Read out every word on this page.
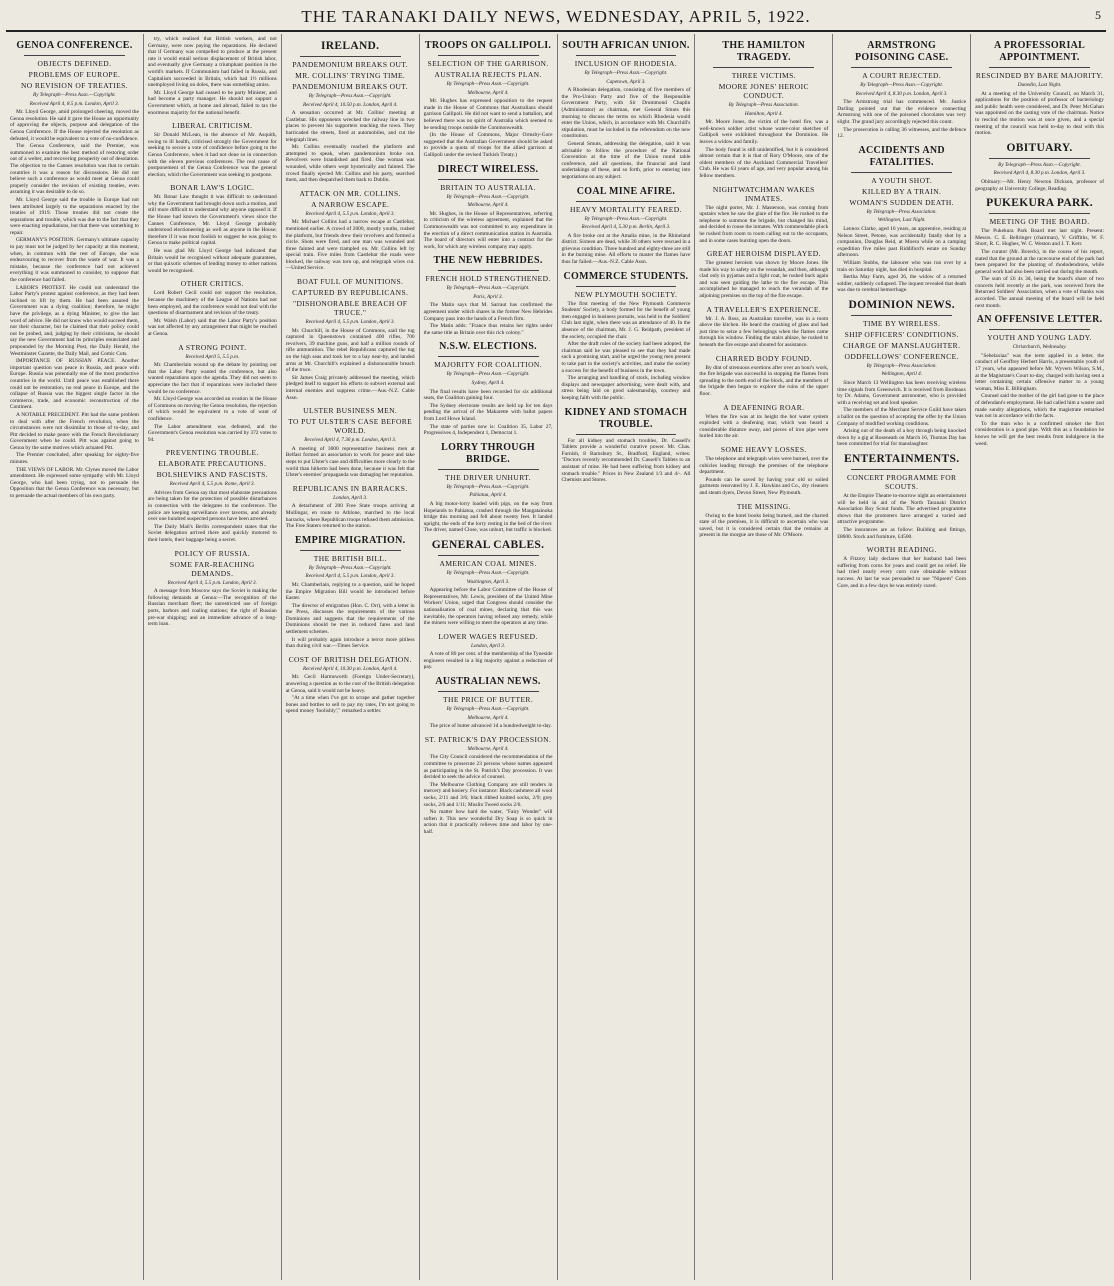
THE TARANAKI DAILY NEWS, WEDNESDAY, APRIL 5, 1922.	5
GENOA CONFERENCE.
OBJECTS DEFINED.
PROBLEMS OF EUROPE.
NO REVISION OF TREATIES.
By Telegraph—Press Assn.—Copyright.
Received April 4, 8.5 p.m. London, April 3.

Mr. Lloyd George, amid prolonged cheering, moved the Genoa resolution. He said it gave the House an opportunity of approving the objects, purpose and delegation of the Genoa Conference. If the House rejected the resolution as defeated, it would be equivalent to a vote of no-confidence.

The Genoa Conference, said the Premier, was summoned to examine the best method of restoring order out of a welter, and recovering prosperity out of desolation. The objection to the Cannes resolution was that to certain countries it was a reason for discussions. He did not believe such a conference as would meet at Genoa could properly consider the revision of existing treaties, even assuming it was desirable to do so.

Mr. Lloyd George said the trouble in Europe had not been attributed largely to the separations enacted by the treaties of 1919. Those treaties did not create the separations and trouble, which was due to the fact that they were enacting repudiations, but that there was something to repair.

GERMANY'S POSITION. Germany's ultimate capacity to pay must not be judged by her capacity at this moment, when, in common with the rest of Europe, she was endeavouring to recover from the waste of war. It was a mistake, because the conference had not achieved everything it was summoned to consider, to suppose that the conference had failed.

LABOR'S PROTEST. He could not understand the Labor Party's protest against conference, as they had been inclined to lift by them. He had been assured the Government was a dying coalition; therefore, he might have the privilege, as a dying Minister, to give the last word of advice. He did not know who would succeed them, nor their character, but he claimed that their policy could not be probed, and, judging by their criticisms, he should say the new Government had its principles enunciated and propounded by the Morning Post, the Daily Herald, the Westminster Gazette, the Daily Mail, and Comic Cuts.

IMPORTANCE OF RUSSIAN PEACE. Another important question was peace in Russia, and peace with Europe. Russia was potentially one of the most productive countries in the world. Until peace was established there could not be restoration, no real peace in Europe, and the collapse of Russia was the biggest single factor in the commerce, trade, and economic reconstruction of the Continent.

A NOTABLE PRECEDENT. Pitt had the same problem to deal with after the French revolution, when the circumstances were not dissimilar to those of to-day, and Pitt decided to make peace with the French Revolutionary Government when he could. Pitt was against going to Genoa by the same motives which actuated Pitt.

The Premier concluded, after speaking for eighty-five minutes.

THE VIEWS OF LABOR. Mr. Clynes moved the Labor amendment. He expressed some sympathy with Mr. Lloyd George, who had been trying, not to persuade the Opposition that the Genoa Conference was necessary, but to persuade the actual members of his own party.

try, which realised that British workers, and not Germany, were now paying the reparations. He declared that if Germany was compelled to produce at the present rate it would entail serious displacement of British labor, and eventually give Germany a triumphant position in the world's markets. If Communism had failed in Russia, and Capitalism succeeded in Britain, which had 1½ millions unemployed living on doles, there was something amiss.

Mr. Lloyd George had ceased to be party Minister, and had become a party manager. He should not support a Government which, at home and abroad, failed to tax the enormous majority for the national benefit.

LIBERAL CRITICISM.

Sir Donald McLean, in the absence of Mr. Asquith, owing to ill health, criticised strongly the Government for seeking to secure a vote of confidence before going to the Genoa Conference, when it had not done so in connection with the eleven previous conferences. The real cause of postponement of the Genoa Conference was the general election, which the Government was seeking to postpone.

BONAR LAW'S LOGIC.

Mr. Bonar Law thought it was difficult to understand why the Government had brought down such a motion, and still more difficult to understand why anyone opposed it. If the House had known the Government's views since the Cannes Conference, Mr. Lloyd George probably understood electioneering as well as anyone in the House; therefore if it was most foolish to suggest he was going to Genoa to make political capital.

He was glad Mr. Lloyd George had indicated that Britain would be recognised without adequate guarantees, or that quixotic schemes of lending money to other nations would be recognised.

OTHER CRITICS.

Lord Robert Cecil could not support the resolution, because the machinery of the League of Nations had not been employed, and the conference would not deal with the questions of disarmament and revision of the treaty.

Mr. Walsh (Labor) said that the Labor Party's position was not affected by any arrangement that might be reached at Genoa.

A STRONG POINT.
Received April 5, 5.5 p.m.

Mr. Chamberlain wound up the debate by pointing out that the Labor Party wanted the conference, but also wanted reparations upon the agenda. They did not seem to appreciate the fact that if reparations were included there would be no conference.

Mr. Lloyd George was accorded an ovation in the House of Commons on moving the Genoa resolution, the rejection of which would be equivalent to a vote of want of confidence.

The Labor amendment was defeated, and the Government's Genoa resolution was carried by 372 votes to 94.

PREVENTING TROUBLE.
ELABORATE PRECAUTIONS.
BOLSHEVIKS AND FASCISTS.
Received April 4, 5.5 p.m. Rome, April 3.

Advices from Genoa say that most elaborate precautions are being taken for the protection of possible disturbances in connection with the delegates to the conference. The police are keeping surveillance over taverns, and already over one hundred suspected persons have been arrested.

The Daily Mail's Berlin correspondent states that the Soviet delegation arrived there and quickly motored to their hotels, their baggage being a secret.

POLICY OF RUSSIA.
SOME FAR-REACHING DEMANDS.
Received April 4, 5.5 p.m. London, April 3.

A message from Moscow says the Soviet is making the following demands at Genoa:—The recognition of the Russian merchant fleet; the unrestricted use of foreign ports, harbors and coaling stations; the right of Russian pre-war shipping; and an immediate advance of a long-term loan.

IRELAND.
PANDEMONIUM BREAKS OUT.
MR. COLLINS' TRYING TIME.
PANDEMONIUM BREAKS OUT.
By Telegraph—Press Assn.—Copyright.
Received April 4, 10.50 p.m. London, April 4.

A sensation occurred at Mr. Collins' meeting at Castlebar. His opponents wrecked the railway line in two places to prevent his supporters reaching the town. They barricaded the streets, fired at automobiles, and cut the telegraph lines.

Mr. Collins eventually reached the platform and attempted to speak, when pandemonium broke out. Revolvers were brandished and fired. One woman was wounded, while others wept hysterically and fainted. The crowd finally ejected Mr. Collins and his party, searched them, and then despatched them back to Dublin.

ATTACK ON MR. COLLINS.
A NARROW ESCAPE.
Received April 4, 5.5 p.m. London, April 3.

Mr. Michael Collins had a narrow escape at Castlebar, mentioned earlier. A crowd of 2000, mostly youths, rushed the platform, but friends drew their revolvers and formed a circle. Shots were fired, and one man was wounded and three fainted and were trampled on. Mr. Collins left by special train. Five miles from Castlebar the roads were blocked, the railway was torn up, and telegraph wires cut.—United Service.

BOAT FULL OF MUNITIONS.
CAPTURED BY REPUBLICANS.
"DISHONORABLE BREACH OF TRUCE."
Received April 4, 5.5 p.m. London, April 3.

Mr. Churchill, in the House of Commons, said the tug captured in Queenstown contained 400 rifles, 700 revolvers, 39 machine guns, and half a million rounds of rifle ammunition. The rebel Republicans captured the tug on the high seas and took her to a bay near-by, and landed arms at Mr. Churchill's explained a dishonourable breach of the truce.

Sir James Craig privately addressed the meeting, which pledged itself to support his efforts to subvert external and internal enemies and suppress crime.—Aus.-N.Z. Cable Assn.

ULSTER BUSINESS MEN.
TO PUT ULSTER'S CASE BEFORE WORLD.
Received April 4, 7.30 p.m. London, April 3.

A meeting of 3000 representative business men at Belfast formed an association to work for peace and take steps to put Ulster's case and difficulties more clearly to the world than hitherto had been done, because it was felt that Ulster's enemies' propaganda was damaging her reputation.

REPUBLICANS IN BARRACKS.
London, April 3.

A detachment of 200 Free State troops arriving at Mullingar, en route to Athlone, marched to the local barracks, where Republican troops refused them admission. The Free Staters returned to the station.

EMPIRE MIGRATION.
THE BRITISH BILL.
By Telegraph—Press Assn.—Copyright.
Received April 4, 5.5 p.m. London, April 3.

Mr. Chamberlain, replying to a question, said he hoped the Empire Migration Bill would be introduced before Easter.

The director of emigration (Hon. C. Orr), with a letter in the Press, discusses the requirements of the various Dominions and suggests that the requirements of the Dominions should be met in reduced fares and land settlement schemes.

It will probably again introduce a terror more pitiless than during civil war.—Times Service.

COST OF BRITISH DELEGATION.
Received April 4, 10.30 p.m. London, April 4.

Mr. Cecil Harmsworth (Foreign Under-Secretary), answering a question as to the cost of the British delegation at Genoa, said it would not be heavy.

"At a time when I've got to scrape and gather together bones and bottles to sell to pay my rates, I'm not going to spend money 'foolishly'," remarked a settler.

TROOPS ON GALLIPOLI.
SELECTION OF THE GARRISON.
AUSTRALIA REJECTS PLAN.
By Telegraph—Press Assn.—Copyright.
Melbourne, April 4.

Mr. Hughes has expressed opposition to the request made in the House of Commons that Australians should garrison Gallipoli. He did not want to send a battalion, and believed there was no spirit of Australia which seemed to be sending troops outside the Commonwealth.

(In the House of Commons, Major Ormsby-Gore suggested that the Australian Government should be asked to provide a quota of troops for the allied garrison at Gallipoli under the revised Turkish Treaty.)

DIRECT WIRELESS.
BRITAIN TO AUSTRALIA.
By Telegraph—Press Assn.—Copyright.
Melbourne, April 4.

Mr. Hughes, in the House of Representatives, referring to criticism of the wireless agreement, explained that the Commonwealth was not committed to any expenditure in the erection of a direct communication station in Australia. The board of directors will enter into a contract for the work, for which any wireless company may apply.

THE NEW HEBRIDES.
FRENCH HOLD STRENGTHENED.
By Telegraph—Press Assn.—Copyright.
Paris, April 3.

The Matin says that M. Sarraut has confirmed the agreement under which shares in the former New Hebrides Company pass into the hands of a French firm.

The Matin adds: "France thus retains her rights under the same title as Britain over this rich colony."

N.S.W. ELECTIONS.
MAJORITY FOR COALITION.
By Telegraph—Press Assn.—Copyright.
Sydney, April 4.

The final results have been recorded for six additional seats, the Coalition gaining four.

The Sydney electorate results are held up for ten days pending the arrival of the Makarette with ballot papers from Lord Howe Island.

The state of parties now is: Coalition 35, Labor 27, Progressives 4, Independent 1, Democrat 1.

LORRY THROUGH BRIDGE.
THE DRIVER UNHURT.
By Telegraph—Press Assn.—Copyright.
Pahiatua, April 4.

A big motor-lorry loaded with pigs, on the way from Hopelands to Pahiatua, crashed through the Mangatainoka bridge this morning and fell about twenty feet. It landed upright, the ends of the lorry resting in the bed of the river. The driver, named Close, was unhurt, but traffic is blocked.

GENERAL CABLES.
AMERICAN COAL MINES.
By Telegraph—Press Assn.—Copyright.
Washington, April 3.

Appearing before the Labor Committee of the House of Representatives, Mr. Lewis, president of the United Mine Workers' Union, urged that Congress should consider the nationalisation of coal mines, declaring that this was inevitable, the operators having refused any remedy, while the miners were willing to meet the operators at any time.

LOWER WAGES REFUSED.
London, April 3.

A vote of 80 per cent. of the membership of the Tyneside engineers resulted in a big majority against a reduction of pay.

AUSTRALIAN NEWS.
THE PRICE OF BUTTER.
By Telegraph—Press Assn.—Copyright.
Melbourne, April 4.

The price of butter advanced 1d a hundredweight to-day.

ST. PATRICK'S DAY PROCESSION.
Melbourne, April 4.

The City Council considered the recommendation of the committee to prosecute 23 persons whose names appeared as participating in the St. Patrick's Day procession. It was decided to seek the advice of counsel.

The Melbourne Clothing Company are still tenders in mercery and hosiery. For instance: Black cashmere all wool socks, 2/11 and 3/6; black ribbed knitted socks, 2/9; grey socks, 2/6 and 1/11; Muslin Tweed socks 2/6.

No matter how hard the water, "Fairy Wonder" will soften it. This new wonderful Dry Soap is so quick in action that it practically relieves time and labor by one-half.

SOUTH AFRICAN UNION.
INCLUSION OF RHODESIA.
By Telegraph—Press Assn.—Copyright.
Capetown, April 3.

A Rhodesian delegation, consisting of five members of the Pro-Union Party and five of the Responsible Government Party, with Sir Drummond Chaplin (Administrator) as chairman, met General Smuts this morning to discuss the terms on which Rhodesia would enter the Union, which, in accordance with Mr. Churchill's stipulation, must be included in the referendum on the new constitution.

General Smuts, addressing the delegation, said it was advisable to follow the procedure of the National Convention at the time of the Union round table conference, and all questions, the financial and land undertakings of these, and so forth, prior to entering into negotiations on any subject.

COAL MINE AFIRE.
HEAVY MORTALITY FEARED.
By Telegraph—Press Assn.—Copyright.
Received April 4, 5.30 p.m. Berlin, April 3.

A fire broke out at the Amalia mine, in the Rhineland district. Sixteen are dead, while 30 others were rescued in a grievous condition. Three hundred and eighty-three are still in the burning mine. All efforts to master the flames have thus far failed.—Aus.-N.Z. Cable Assn.

COMMERCE STUDENTS.
NEW PLYMOUTH SOCIETY.

The first meeting of the New Plymouth Commerce Students' Society, a body formed for the benefit of young men engaged in business pursuits, was held in the Soldiers' Club last night, when there was an attendance of 40. In the absence of the chairman, Mr. J. G. Reidpath, president of the society, occupied the chair.

After the draft rules of the society had been adopted, the chairman said he was pleased to see that they had made such a promising start, and he urged the young men present to take part in the society's activities, and make the society a success for the benefit of business in the town.

The arranging and handling of stock, including window displays and newspaper advertising, were dealt with, and stress being laid on good salesmanship, courtesy and keeping faith with the public.

KIDNEY AND STOMACH TROUBLE.

For all kidney and stomach troubles, Dr. Cassell's Tablets provide a wonderful curative power. Mr. Chas. Furnish, 8 Barnsbury St., Bradford, England, writes: "Doctors recently recommended Dr. Cassell's Tablets to an assistant of mine. He had been suffering from kidney and stomach trouble." Prices in New Zealand 1/3 and 4/-. All Chemists and Stores.

THE HAMILTON TRAGEDY.
THREE VICTIMS.
MOORE JONES' HEROIC CONDUCT.
By Telegraph—Press Association.
Hamilton, April 4.

Mr. Moore Jones, the victim of the hotel fire, was a well-known soldier artist whose water-color sketches of Gallipoli were exhibited throughout the Dominion. He leaves a widow and family.

The body found is still unidentified, but it is considered almost certain that it is that of Rory O'Moore, one of the oldest members of the Auckland Commercial Travellers' Club. He was 63 years of age, and very popular among his fellow members.

NIGHTWATCHMAN WAKES INMATES.

The night porter, Mr. J. Masterson, was coming from upstairs when he saw the glare of the fire. He rushed to the telephone to summon the brigade, but changed his mind, and decided to rouse the inmates. With commendable pluck he rushed from room to room calling out to the occupants, and in some cases bursting open the doors.

GREAT HEROISM DISPLAYED.

The greatest heroism was shown by Moore Jones. He made his way to safety on the verandah, and then, although clad only in pyjamas and a light coat, he rushed back again and was seen guiding the lathe to the fire escape. This accomplished he managed to reach the verandah of the adjoining premises on the top of the fire escape.

A TRAVELLER'S EXPERIENCE.

Mr. J. A. Ross, an Australian traveller, was in a room above the kitchen. He heard the crashing of glass and had just time to seize a few belongings when the flames came through his window. Finding the stairs ablaze, he rushed to beneath the fire escape and shouted for assistance.

CHARRED BODY FOUND.

By dint of strenuous exertions after over an hour's work, the fire brigade was successful in stopping the flames from spreading to the north end of the block, and the members of the brigade then began to explore the ruins of the upper floor.

A DEAFENING ROAR.

When the fire was at its height the hot water system exploded with a deafening roar, which was heard a considerable distance away, and pieces of iron pipe were hurled into the air.

SOME HEAVY LOSSES.

The telephone and telegraph wires were burned, over the cubicles leading through the premises of the telephone department.

Pounds can be saved by having your old or soiled garments renovated by J. E. Hawkins and Co., dry cleaners and steam dyers, Devon Street, New Plymouth.

THE MISSING.

Owing to the hotel books being burned, and the charred state of the premises, it is difficult to ascertain who was saved, but it is considered certain that the remains at present in the morgue are those of Mr. O'Moore.

ARMSTRONG POISONING CASE.
A COURT REJECTED.
By Telegraph—Press Assn.—Copyright.
Received April 4, 8.30 p.m. London, April 3.

The Armstrong trial has commenced. Mr. Justice Darling pointed out that the evidence connecting Armstrong with one of the poisoned chocolates was very slight. The grand jury accordingly rejected this count.

The prosecution is calling 36 witnesses, and the defence 12.

ACCIDENTS AND FATALITIES.
A YOUTH SHOT.
KILLED BY A TRAIN.
WOMAN'S SUDDEN DEATH.
By Telegraph—Press Association.
Wellington, Last Night.

Lennox Clarke, aged 16 years, an apprentice, residing at Nelson Street, Petone, was accidentally fatally shot by a companion, Douglas Reid, at Moera while on a camping expedition five miles past Riddiford's estate on Sunday afternoon.

William Stubbs, the labourer who was run over by a train on Saturday night, has died in hospital.

Bertha May Farm, aged 26, the widow of a returned soldier, suddenly collapsed. The inquest revealed that death was due to cerebral hemorrhage.

DOMINION NEWS.
TIME BY WIRELESS.
SHIP OFFICERS' CONDITIONS.
CHARGE OF MANSLAUGHTER.
ODDFELLOWS' CONFERENCE.
By Telegraph—Press Association.
Wellington, April 4.

Since March 13 Wellington has been receiving wireless time signals from Greenwich. It is received from Bordeaux by Dr. Adams, Government astronomer, who is provided with a receiving set and loud speaker.

The members of the Merchant Service Guild have taken a ballot on the question of accepting the offer by the Union Company of modified working conditions.

Arising out of the death of a boy through being knocked down by a gig at Roseneath on March 16, Thomas Day has been committed for trial for manslaughter.

ENTERTAINMENTS.
CONCERT PROGRAMME FOR SCOUTS.

At the Empire Theatre to-morrow night an entertainment will be held in aid of the North Taranaki District Association Boy Scout funds. The advertised programme shows that the promoters have arranged a varied and attractive programme.

The insurances are as follow: Building and fittings, £8600. Stock and furniture, £4500.

WORTH READING.

A Fitzroy lady declares that her husband had been suffering from corns for years and could get no relief. He had tried nearly every corn cure obtainable without success. At last he was persuaded to use "Nipsem" Corn Cure, and in a few days he was entirely cured.

A PROFESSORIAL APPOINTMENT.
RESCINDED BY BARE MAJORITY.
Dunedin, Last Night.

At a meeting of the University Council, on March 31, applications for the position of professor of bacteriology and public health were considered, and Dr. Peter McGahan was appointed on the casting vote of the chairman. Notice to rescind the motion was at once given, and a special meeting of the council was held to-day to deal with this motion.

OBITUARY.
By Telegraph—Press Assn.—Copyright.
Received April 4, 8.30 p.m. London, April 3.

Obituary:—Mr. Henry Newton Dickson, professor of geography at University College, Reading.

PUKEKURA PARK.
MEETING OF THE BOARD.

The Pukekura Park Board met last night. Present: Messrs. C. E. Bellringer (chairman), V. Griffiths, W. F. Short, R. C. Hughes, W. C. Weston and J. T. Kerr.

The curator (Mr. Boreck), in the course of his report, stated that the ground at the racecourse end of the park had been prepared for the planting of rhododendrons, while general work had also been carried out during the month.

The sum of £6 4s 3d, being the board's share of two concerts held recently at the park, was received from the Returned Soldiers' Association, when a vote of thanks was accorded. The annual meeting of the board will be held next month.

AN OFFENSIVE LETTER.
YOUTH AND YOUNG LADY.
Christchurch, Wednesday.

"Sebelaxiaa" was the term applied in a letter, the conduct of Geoffrey Herbert Harris, a presentable youth of 17 years, who appeared before Mr. Wyvern Wilson, S.M., at the Magistrate's Court to-day, charged with having sent a letter containing certain offensive matter to a young woman, Miss E. Billingham.

Counsel said the mother of the girl had gone to the place of defendant's employment. He had called him a waster and made sundry allegations, which the magistrate remarked was not in accordance with the facts.

To the man who is a confirmed smoker the first consideration is a good pipe. With this as a foundation he knows he will get the best results from indulgence in the weed.
